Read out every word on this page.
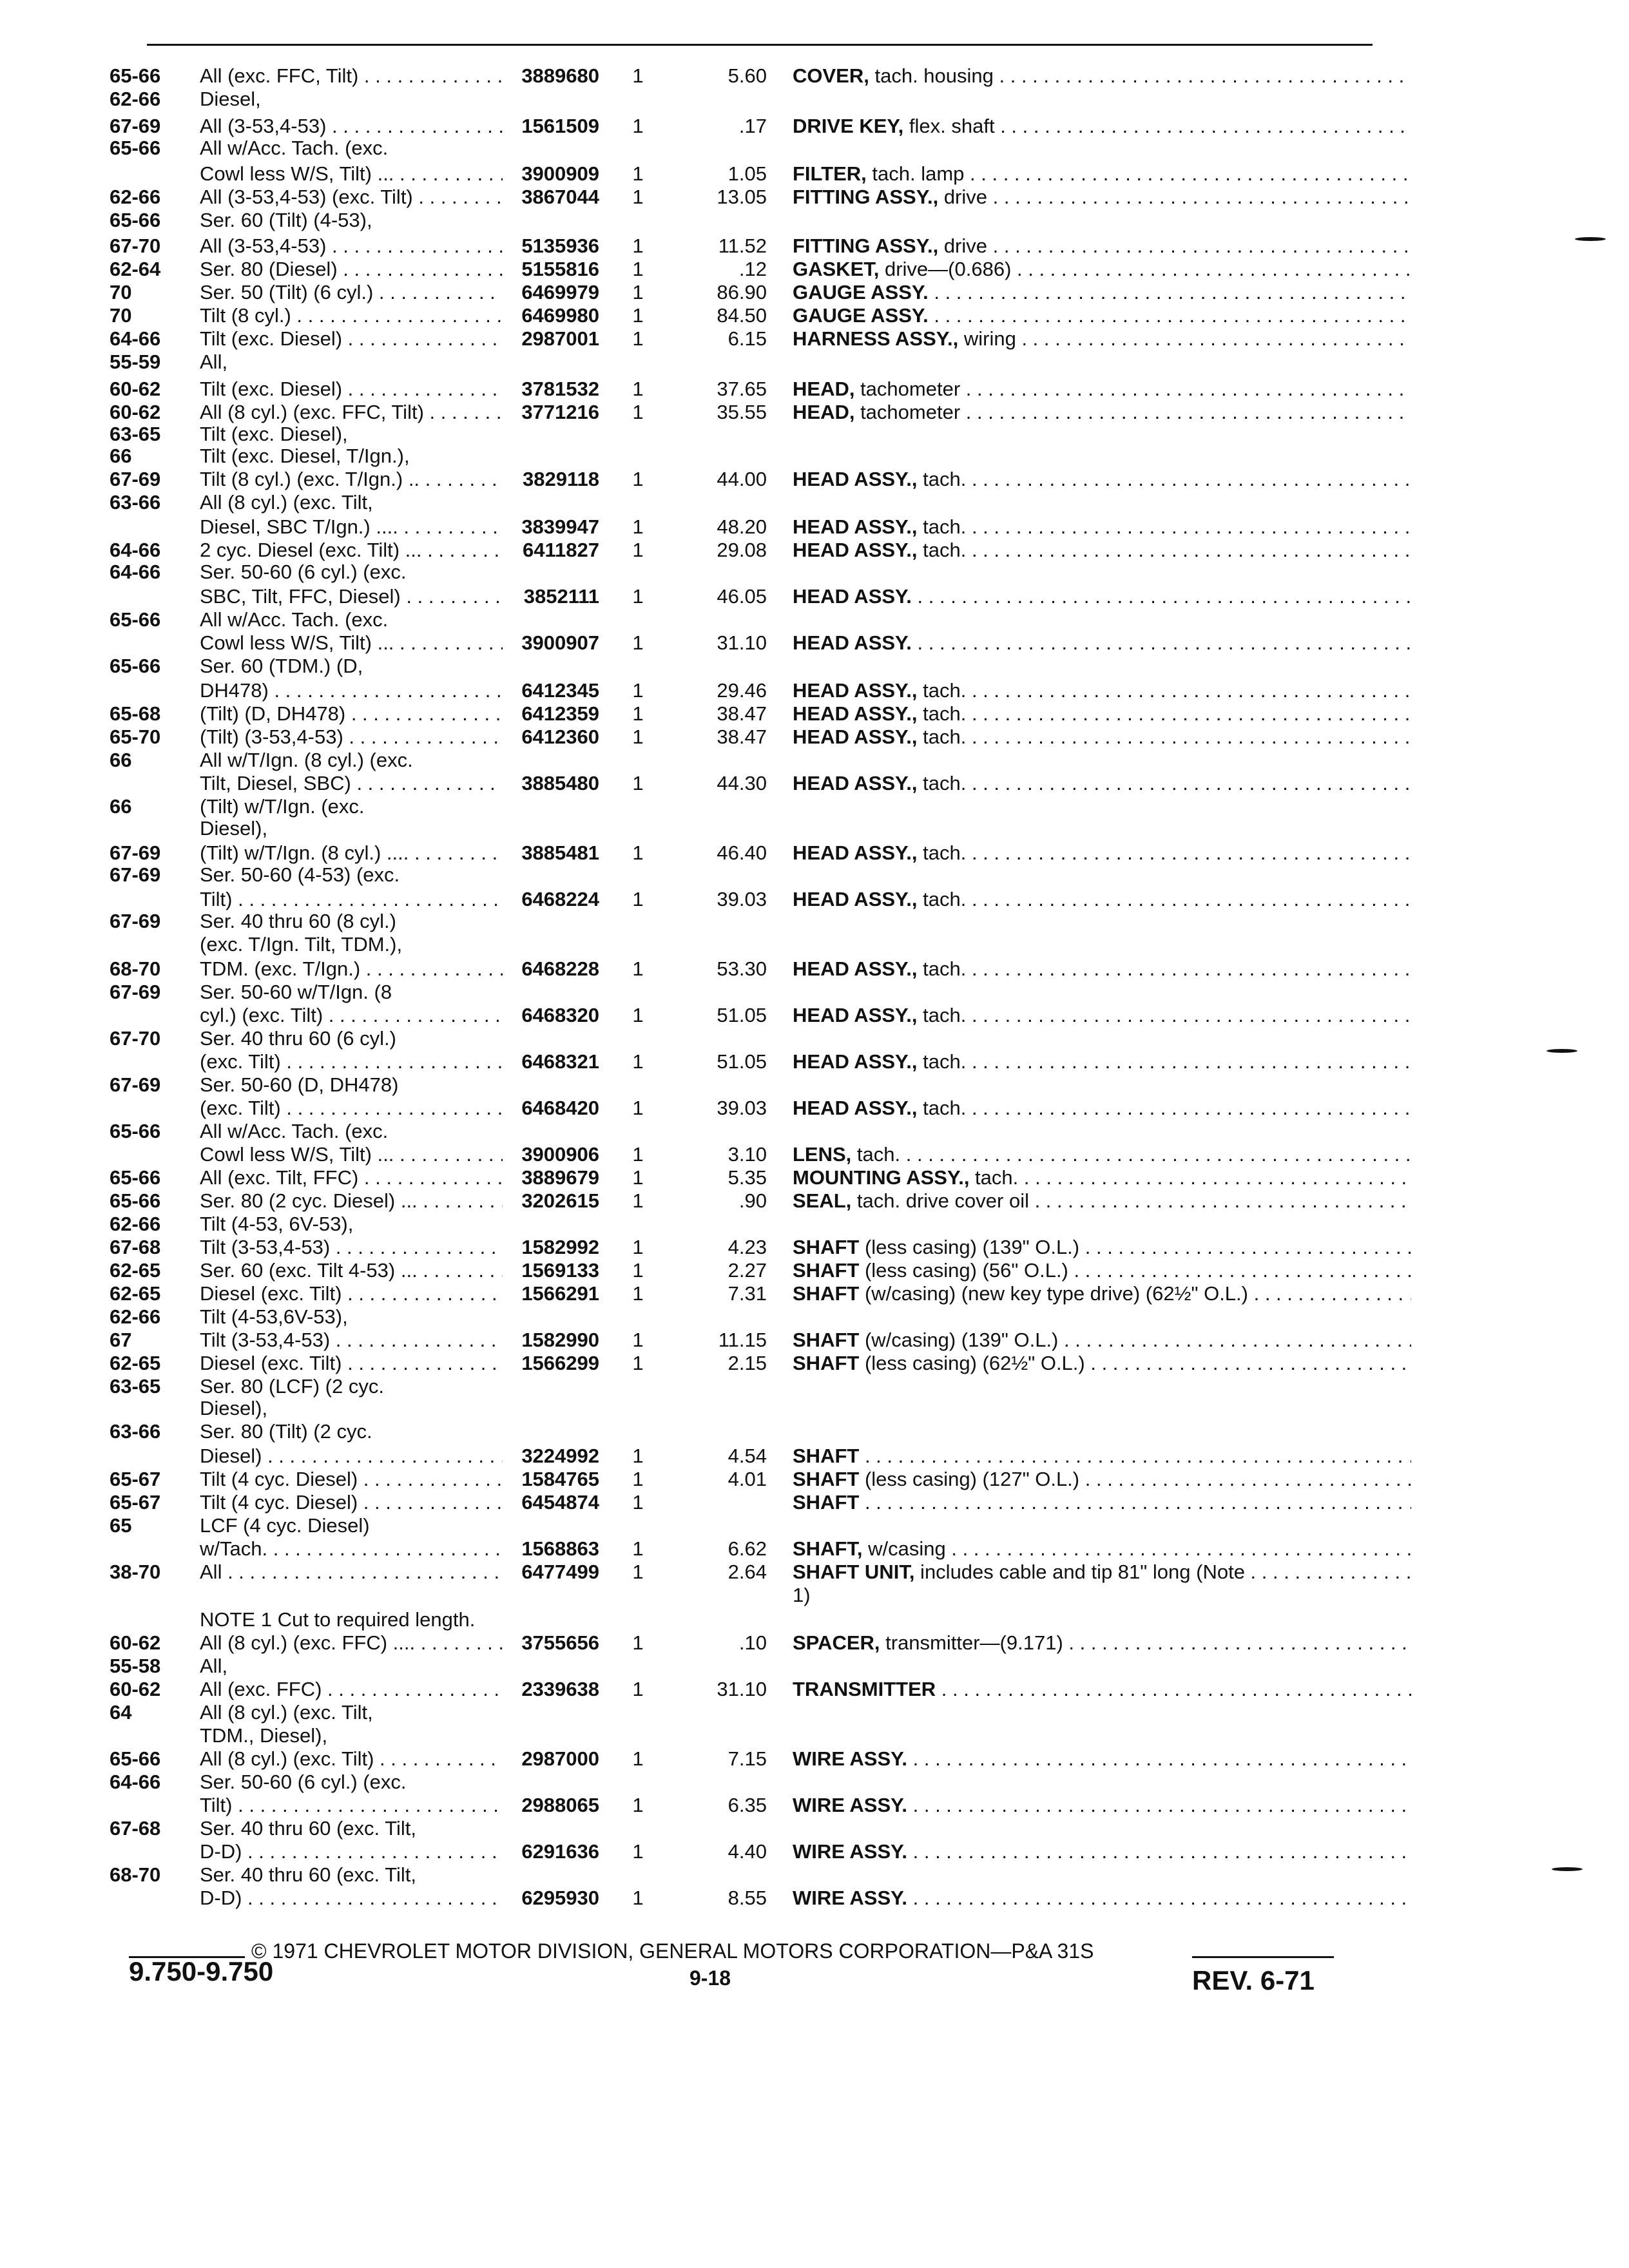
65-66	All (exc. FFC, Tilt) . . .	3889680	1	5.60 COVER, tach. housing . . .
62-66	Diesel,
67-69	All (3-53,4-53) . . .	1561509	1	.17 DRIVE KEY, flex. shaft . . .
65-66	All w/Acc. Tach. (exc.
Cowl less W/S, Tilt) ... . . .	3900909	1	1.05 FILTER, tach. lamp . . .
62-66	All (3-53,4-53) (exc. Tilt) . . . .	3867044	1	13.05 FITTING ASSY., drive . . .
65-66	Ser. 60 (Tilt) (4-53),
67-70	All (3-53,4-53) . . .	5135936	1	11.52 FITTING ASSY., drive . . .
62-64	Ser. 80 (Diesel) . . .	5155816	1	.12 GASKET, drive—(0.686) . . .
70	Ser. 50 (Tilt) (6 cyl.) . . .	6469979	1	86.90 GAUGE ASSY. . . .
70	Tilt (8 cyl.) . . .	6469980	1	84.50 GAUGE ASSY. . . .
64-66	Tilt (exc. Diesel) . . .	2987001	1	6.15 HARNESS ASSY., wiring . . .
55-59	All,
60-62	Tilt (exc. Diesel) . . .	3781532	1	37.65 HEAD, tachometer . . .
60-62	All (8 cyl.) (exc. FFC, Tilt) . . .	3771216	1	35.55 HEAD, tachometer . . .
63-65	Tilt (exc. Diesel),
66	Tilt (exc. Diesel, T/Ign.),
67-69	Tilt (8 cyl.) (exc. T/Ign.) .. . . .	3829118	1	44.00 HEAD ASSY., tach. . . .
63-66	All (8 cyl.) (exc. Tilt,
Diesel, SBC T/Ign.) .... . . .	3839947	1	48.20 HEAD ASSY., tach. . . .
64-66	2 cyc. Diesel (exc. Tilt) ... . . .	6411827	1	29.08 HEAD ASSY., tach. . . .
64-66	Ser. 50-60 (6 cyl.) (exc.
SBC, Tilt, FFC, Diesel) . . . .	3852111	1	46.05 HEAD ASSY. . . .
65-66	All w/Acc. Tach. (exc.
Cowl less W/S, Tilt) ... . . .	3900907	1	31.10 HEAD ASSY. . . .
65-66	Ser. 60 (TDM.) (D,
DH478) . . .	6412345	1	29.46 HEAD ASSY., tach. . . .
65-68	(Tilt) (D, DH478) . . .	6412359	1	38.47 HEAD ASSY., tach. . . .
65-70	(Tilt) (3-53,4-53) . . .	6412360	1	38.47 HEAD ASSY., tach. . . .
66	All w/T/Ign. (8 cyl.) (exc.
Tilt, Diesel, SBC) . . .	3885480	1	44.30 HEAD ASSY., tach. . . .
66	(Tilt) w/T/Ign. (exc.
Diesel),
67-69	(Tilt) w/T/Ign. (8 cyl.) .... . . .	3885481	1	46.40 HEAD ASSY., tach. . . .
67-69	Ser. 50-60 (4-53) (exc.
Tilt) . . .	6468224	1	39.03 HEAD ASSY., tach. . . .
67-69	Ser. 40 thru 60 (8 cyl.)
(exc. T/Ign. Tilt, TDM.),
68-70	TDM. (exc. T/Ign.) . . .	6468228	1	53.30 HEAD ASSY., tach. . . .
67-69	Ser. 50-60 w/T/Ign. (8
cyl.) (exc. Tilt) . . .	6468320	1	51.05 HEAD ASSY., tach. . . .
67-70	Ser. 40 thru 60 (6 cyl.)
(exc. Tilt) . . .	6468321	1	51.05 HEAD ASSY., tach. . . .
67-69	Ser. 50-60 (D, DH478)
(exc. Tilt) . . .	6468420	1	39.03 HEAD ASSY., tach. . . .
65-66	All w/Acc. Tach. (exc.
Cowl less W/S, Tilt) ... . . .	3900906	1	3.10 LENS, tach. . . .
65-66	All (exc. Tilt, FFC) . . .	3889679	1	5.35 MOUNTING ASSY., tach. . . .
65-66	Ser. 80 (2 cyc. Diesel) ... . . .	3202615	1	.90 SEAL, tach. drive cover oil . . .
62-66	Tilt (4-53, 6V-53),
67-68	Tilt (3-53,4-53) . . .	1582992	1	4.23 SHAFT (less casing) (139" O.L.) . . .
62-65	Ser. 60 (exc. Tilt 4-53) ... . . .	1569133	1	2.27 SHAFT (less casing) (56" O.L.) . . .
62-65	Diesel (exc. Tilt) . . .	1566291	1	7.31 SHAFT (w/casing) (new key type drive) (62½" O.L.) . . .
62-66	Tilt (4-53,6V-53),
67	Tilt (3-53,4-53) . . .	1582990	1	11.15 SHAFT (w/casing) (139" O.L.) . . .
62-65	Diesel (exc. Tilt) . . .	1566299	1	2.15 SHAFT (less casing) (62½" O.L.) . . .
63-65	Ser. 80 (LCF) (2 cyc.
Diesel),
63-66	Ser. 80 (Tilt) (2 cyc.
Diesel) . . .	3224992	1	4.54 SHAFT . . .
65-67	Tilt (4 cyc. Diesel) . . .	1584765	1	4.01 SHAFT (less casing) (127" O.L.) . . .
65-67	Tilt (4 cyc. Diesel) . . .	6454874	1	SHAFT . . .
65	LCF (4 cyc. Diesel)
w/Tach. . . .	1568863	1	6.62 SHAFT, w/casing . . .
38-70	All . . .	6477499	1	2.64 SHAFT UNIT, includes cable and tip 81" long (Note . . .
1)
NOTE 1 Cut to required length.
60-62	All (8 cyl.) (exc. FFC) .... . . .	3755656	1	.10 SPACER, transmitter—(9.171) . . .
55-58	All,
60-62	All (exc. FFC) . . .	2339638	1	31.10 TRANSMITTER . . .
64	All (8 cyl.) (exc. Tilt,
TDM., Diesel),
65-66	All (8 cyl.) (exc. Tilt) . . .	2987000	1	7.15 WIRE ASSY. . . .
64-66	Ser. 50-60 (6 cyl.) (exc.
Tilt) . . .	2988065	1	6.35 WIRE ASSY. . . .
67-68	Ser. 40 thru 60 (exc. Tilt,
D-D) . . .	6291636	1	4.40 WIRE ASSY. . . .
68-70	Ser. 40 thru 60 (exc. Tilt,
D-D) . . .	6295930	1	8.55 WIRE ASSY. . . .
© 1971 CHEVROLET MOTOR DIVISION, GENERAL MOTORS CORPORATION—P&A 31S
9.750-9.750	9-18	REV. 6-71
